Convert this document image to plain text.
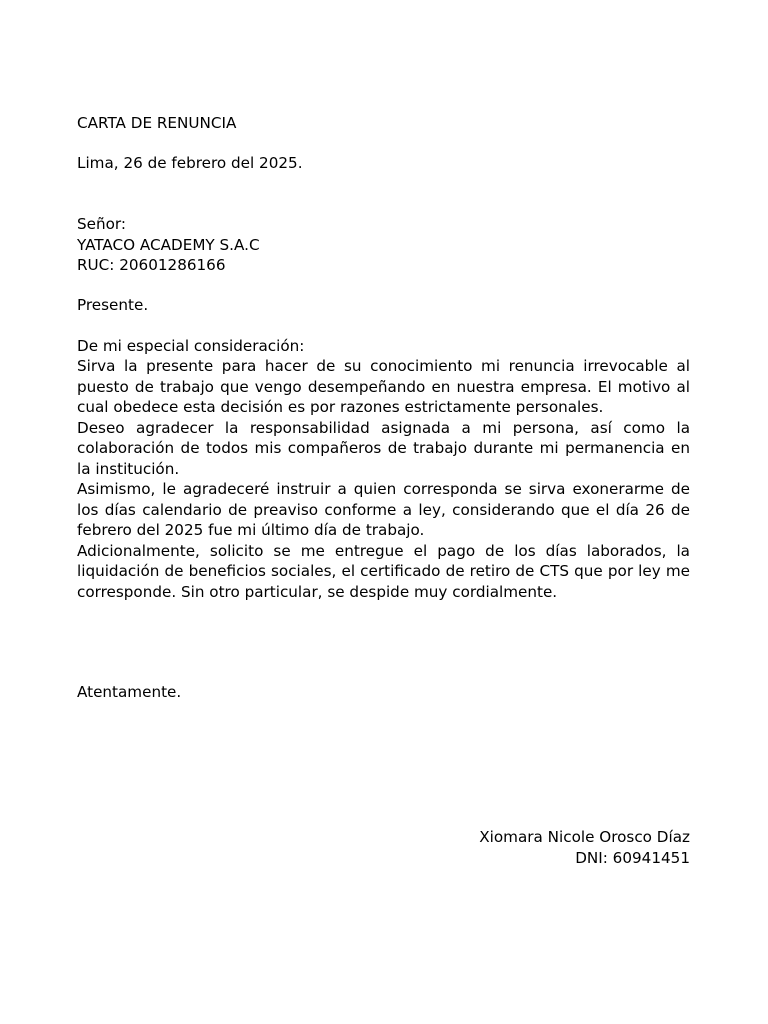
CARTA DE RENUNCIA
Lima, 26 de febrero del 2025.
Señor:
YATACO ACADEMY S.A.C
RUC: 20601286166
Presente.
De mi especial consideración:

Sirva la presente para hacer de su conocimiento mi renuncia irrevocable al puesto de trabajo que vengo desempeñando en nuestra empresa. El motivo al cual obedece esta decisión es por razones estrictamente personales.

Deseo agradecer la responsabilidad asignada a mi persona, así como la colaboración de todos mis compañeros de trabajo durante mi permanencia en la institución.

Asimismo, le agradeceré instruir a quien corresponda se sirva exonerarme de los días calendario de preaviso conforme a ley, considerando que el día 26 de febrero del 2025 fue mi último día de trabajo.

Adicionalmente, solicito se me entregue el pago de los días laborados, la liquidación de beneficios sociales, el certificado de retiro de CTS que por ley me corresponde. Sin otro particular, se despide muy cordialmente.

Atentamente.
Xiomara Nicole Orosco Díaz
DNI: 60941451
